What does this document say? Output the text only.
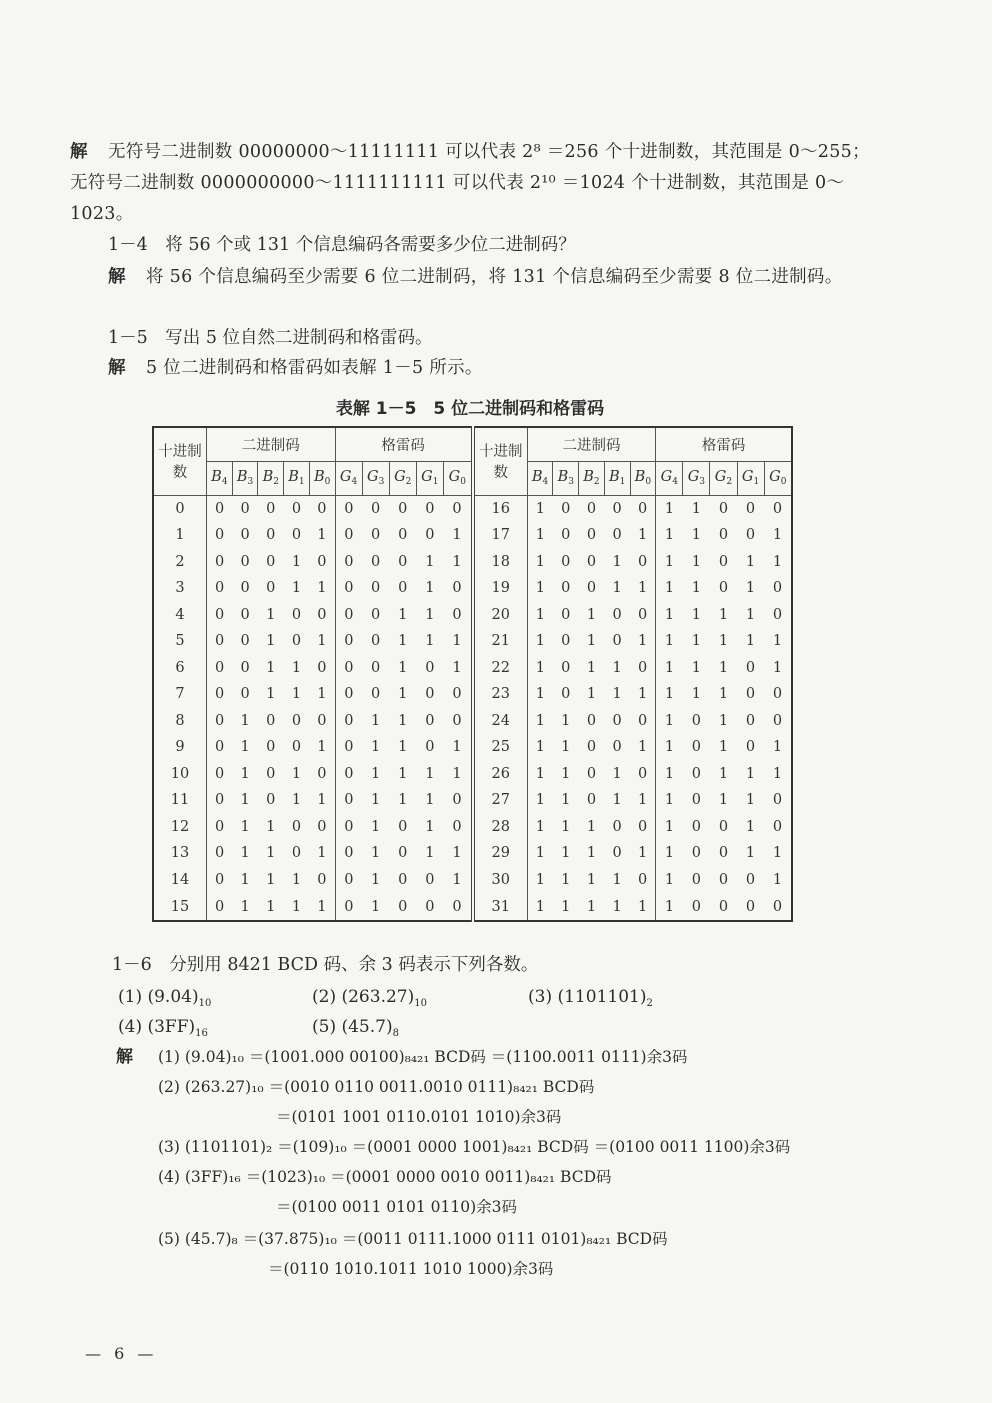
解 无符号二进制数 00000000～11111111 可以代表 2⁸ ＝256 个十进制数，其范围是 0～255；无符号二进制数 0000000000～1111111111 可以代表 2¹⁰ ＝1024 个十进制数，其范围是 0～1023。
1－4　将 56 个或 131 个信息编码各需要多少位二进制码？
解 将 56 个信息编码至少需要 6 位二进制码，将 131 个信息编码至少需要 8 位二进制码。
1－5　写出 5 位自然二进制码和格雷码。
解 5 位二进制码和格雷码如表解 1－5 所示。
表解 1－5　5 位二进制码和格雷码
十进制数	二进制码					格雷码					十进制数	二进制码					格雷码				
	$B_4$	$B_3$	$B_2$	$B_1$	$B_0$	$G_4$	$G_3$	$G_2$	$G_1$	$G_0$		$B_4$	$B_3$	$B_2$	$B_1$	$B_0$	$G_4$	$G_3$	$G_2$	$G_1$	$G_0$
0	0	0	0	0	0	0	0	0	0	0	16	1	0	0	0	0	1	1	0	0	0
1	0	0	0	0	1	0	0	0	0	1	17	1	0	0	0	1	1	1	0	0	1
2	0	0	0	1	0	0	0	0	1	1	18	1	0	0	1	0	1	1	0	1	1
3	0	0	0	1	1	0	0	0	1	0	19	1	0	0	1	1	1	1	0	1	0
4	0	0	1	0	0	0	0	1	1	0	20	1	0	1	0	0	1	1	1	1	0
5	0	0	1	0	1	0	0	1	1	1	21	1	0	1	0	1	1	1	1	1	1
6	0	0	1	1	0	0	0	1	0	1	22	1	0	1	1	0	1	1	1	0	1
7	0	0	1	1	1	0	0	1	0	0	23	1	0	1	1	1	1	1	1	0	0
8	0	1	0	0	0	0	1	1	0	0	24	1	1	0	0	0	1	0	1	0	0
9	0	1	0	0	1	0	1	1	0	1	25	1	1	0	0	1	1	0	1	0	1
10	0	1	0	1	0	0	1	1	1	1	26	1	1	0	1	0	1	0	1	1	1
11	0	1	0	1	1	0	1	1	1	0	27	1	1	0	1	1	1	0	1	1	0
12	0	1	1	0	0	0	1	0	1	0	28	1	1	1	0	0	1	0	0	1	0
13	0	1	1	0	1	0	1	0	1	1	29	1	1	1	0	1	1	0	0	1	1
14	0	1	1	1	0	0	1	0	0	1	30	1	1	1	1	0	1	0	0	0	1
15	0	1	1	1	1	0	1	0	0	0	31	1	1	1	1	1	1	0	0	0	0
1－6　分别用 8421 BCD 码、余 3 码表示下列各数。
(1) $(9.04)_{10}$	(2) $(263.27)_{10}$	(3) $(1101101)_2$
(4) $(3FF)_{16}$	(5) $(45.7)_8$
解 (1) (9.04)₁₀ ＝(1001.000 00100)₈₄₂₁ BCD码 ＝(1100.0011 0111)余3码
(2) (263.27)₁₀ ＝(0010 0110 0011.0010 0111)₈₄₂₁ BCD码
＝(0101 1001 0110.0101 1010)余3码
(3) (1101101)₂ ＝(109)₁₀ ＝(0001 0000 1001)₈₄₂₁ BCD码 ＝(0100 0011 1100)余3码
(4) (3FF)₁₆ ＝(1023)₁₀ ＝(0001 0000 0010 0011)₈₄₂₁ BCD码
＝(0100 0011 0101 0110)余3码
(5) (45.7)₈ ＝(37.875)₁₀ ＝(0011 0111.1000 0111 0101)₈₄₂₁ BCD码
＝(0110 1010.1011 1010 1000)余3码
— 6 —
